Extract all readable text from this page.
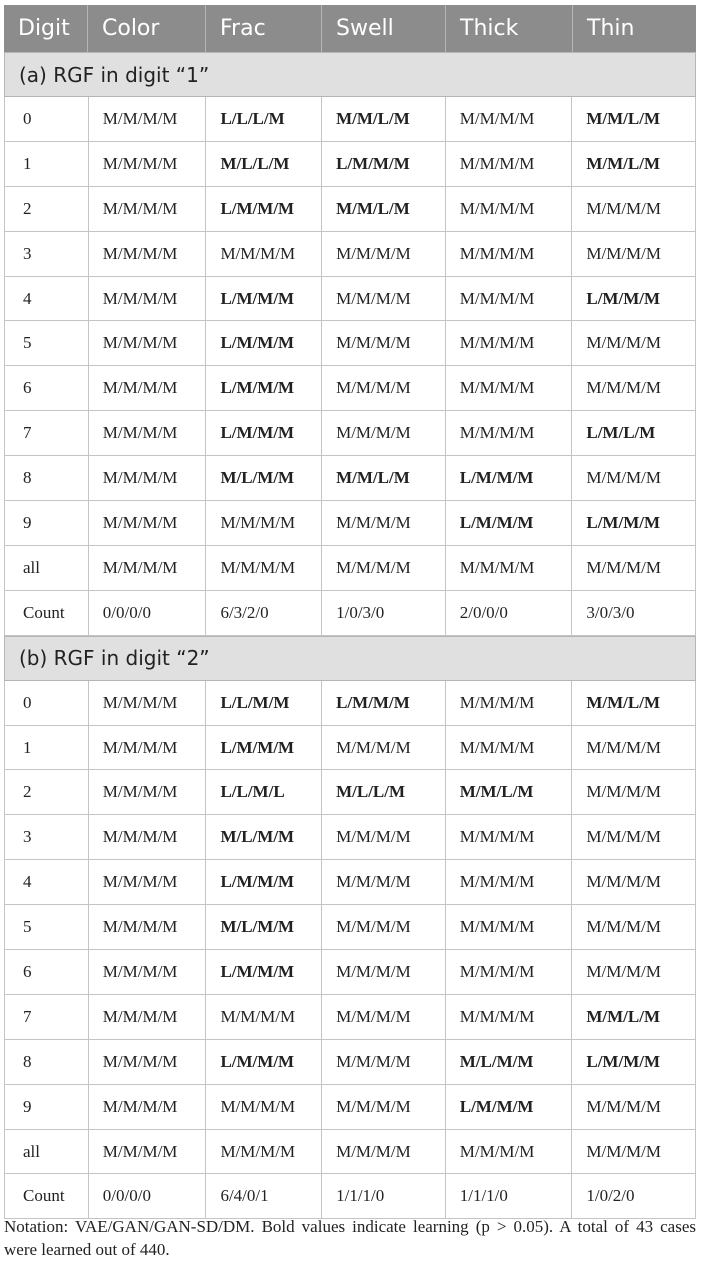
Digit	Color	Frac	Swell	Thick	Thin
(a) RGF in digit “1”
0	M/M/M/M	L/L/L/M	M/M/L/M	M/M/M/M	M/M/L/M
1	M/M/M/M	M/L/L/M	L/M/M/M	M/M/M/M	M/M/L/M
2	M/M/M/M	L/M/M/M	M/M/L/M	M/M/M/M	M/M/M/M
3	M/M/M/M	M/M/M/M	M/M/M/M	M/M/M/M	M/M/M/M
4	M/M/M/M	L/M/M/M	M/M/M/M	M/M/M/M	L/M/M/M
5	M/M/M/M	L/M/M/M	M/M/M/M	M/M/M/M	M/M/M/M
6	M/M/M/M	L/M/M/M	M/M/M/M	M/M/M/M	M/M/M/M
7	M/M/M/M	L/M/M/M	M/M/M/M	M/M/M/M	L/M/L/M
8	M/M/M/M	M/L/M/M	M/M/L/M	L/M/M/M	M/M/M/M
9	M/M/M/M	M/M/M/M	M/M/M/M	L/M/M/M	L/M/M/M
all	M/M/M/M	M/M/M/M	M/M/M/M	M/M/M/M	M/M/M/M
Count	0/0/0/0	6/3/2/0	1/0/3/0	2/0/0/0	3/0/3/0
(b) RGF in digit “2”
0	M/M/M/M	L/L/M/M	L/M/M/M	M/M/M/M	M/M/L/M
1	M/M/M/M	L/M/M/M	M/M/M/M	M/M/M/M	M/M/M/M
2	M/M/M/M	L/L/M/L	M/L/L/M	M/M/L/M	M/M/M/M
3	M/M/M/M	M/L/M/M	M/M/M/M	M/M/M/M	M/M/M/M
4	M/M/M/M	L/M/M/M	M/M/M/M	M/M/M/M	M/M/M/M
5	M/M/M/M	M/L/M/M	M/M/M/M	M/M/M/M	M/M/M/M
6	M/M/M/M	L/M/M/M	M/M/M/M	M/M/M/M	M/M/M/M
7	M/M/M/M	M/M/M/M	M/M/M/M	M/M/M/M	M/M/L/M
8	M/M/M/M	L/M/M/M	M/M/M/M	M/L/M/M	L/M/M/M
9	M/M/M/M	M/M/M/M	M/M/M/M	L/M/M/M	M/M/M/M
all	M/M/M/M	M/M/M/M	M/M/M/M	M/M/M/M	M/M/M/M
Count	0/0/0/0	6/4/0/1	1/1/1/0	1/1/1/0	1/0/2/0
Notation: VAE/GAN/GAN-SD/DM. Bold values indicate learning (p > 0.05). A total of 43 cases were learned out of 440.
